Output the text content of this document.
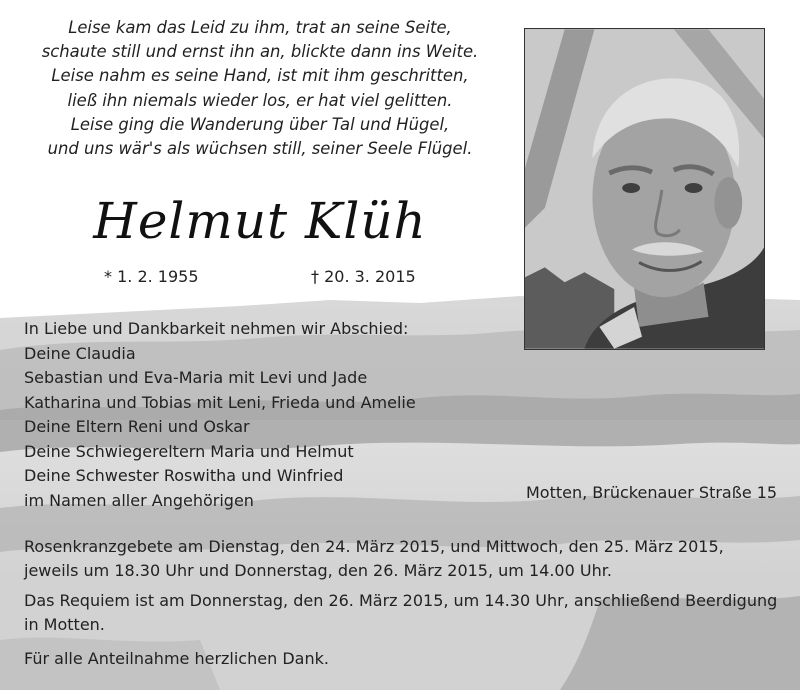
Leise kam das Leid zu ihm, trat an seine Seite,
schaute still und ernst ihn an, blickte dann ins Weite.
Leise nahm es seine Hand, ist mit ihm geschritten,
ließ ihn niemals wieder los, er hat viel gelitten.
Leise ging die Wanderung über Tal und Hügel,
und uns wär's als wüchsen still, seiner Seele Flügel.
Helmut Klüh
* 1. 2. 1955	† 20. 3. 2015
In Liebe und Dankbarkeit nehmen wir Abschied:
Deine Claudia
Sebastian und Eva-Maria mit Levi und Jade
Katharina und Tobias mit Leni, Frieda und Amelie
Deine Eltern Reni und Oskar
Deine Schwiegereltern Maria und Helmut
Deine Schwester Roswitha und Winfried
im Namen aller Angehörigen	Motten, Brückenauer Straße 15

Rosenkranzgebete am Dienstag, den 24. März 2015, und Mittwoch, den 25. März 2015,

jeweils um 18.30 Uhr und Donnerstag, den 26. März 2015, um 14.00 Uhr.

Das Requiem ist am Donnerstag, den 26. März 2015, um 14.30 Uhr, anschließend Beerdigung

in Motten.

Für alle Anteilnahme herzlichen Dank.
